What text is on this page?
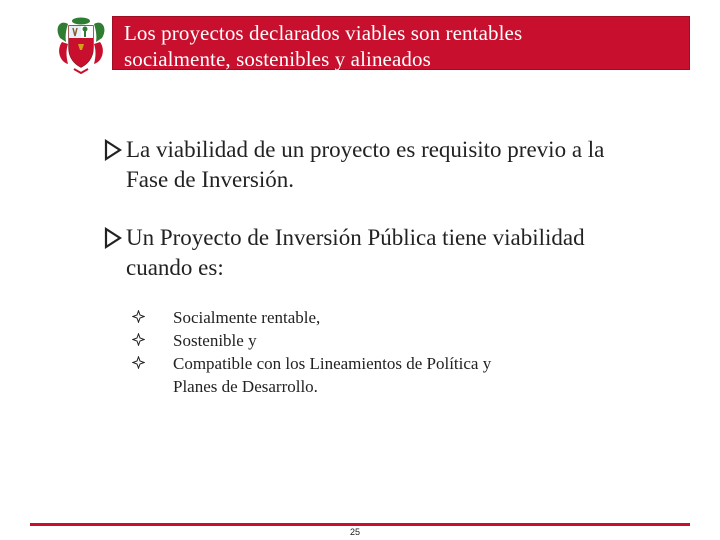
Los proyectos declarados viables son rentables
socialmente, sostenibles y alineados
La viabilidad de un proyecto es requisito previo a la Fase de Inversión.
Un Proyecto de Inversión Pública tiene viabilidad cuando es:
Socialmente rentable,
Sostenible y
Compatible con los Lineamientos de Política y
Planes de Desarrollo.
25
